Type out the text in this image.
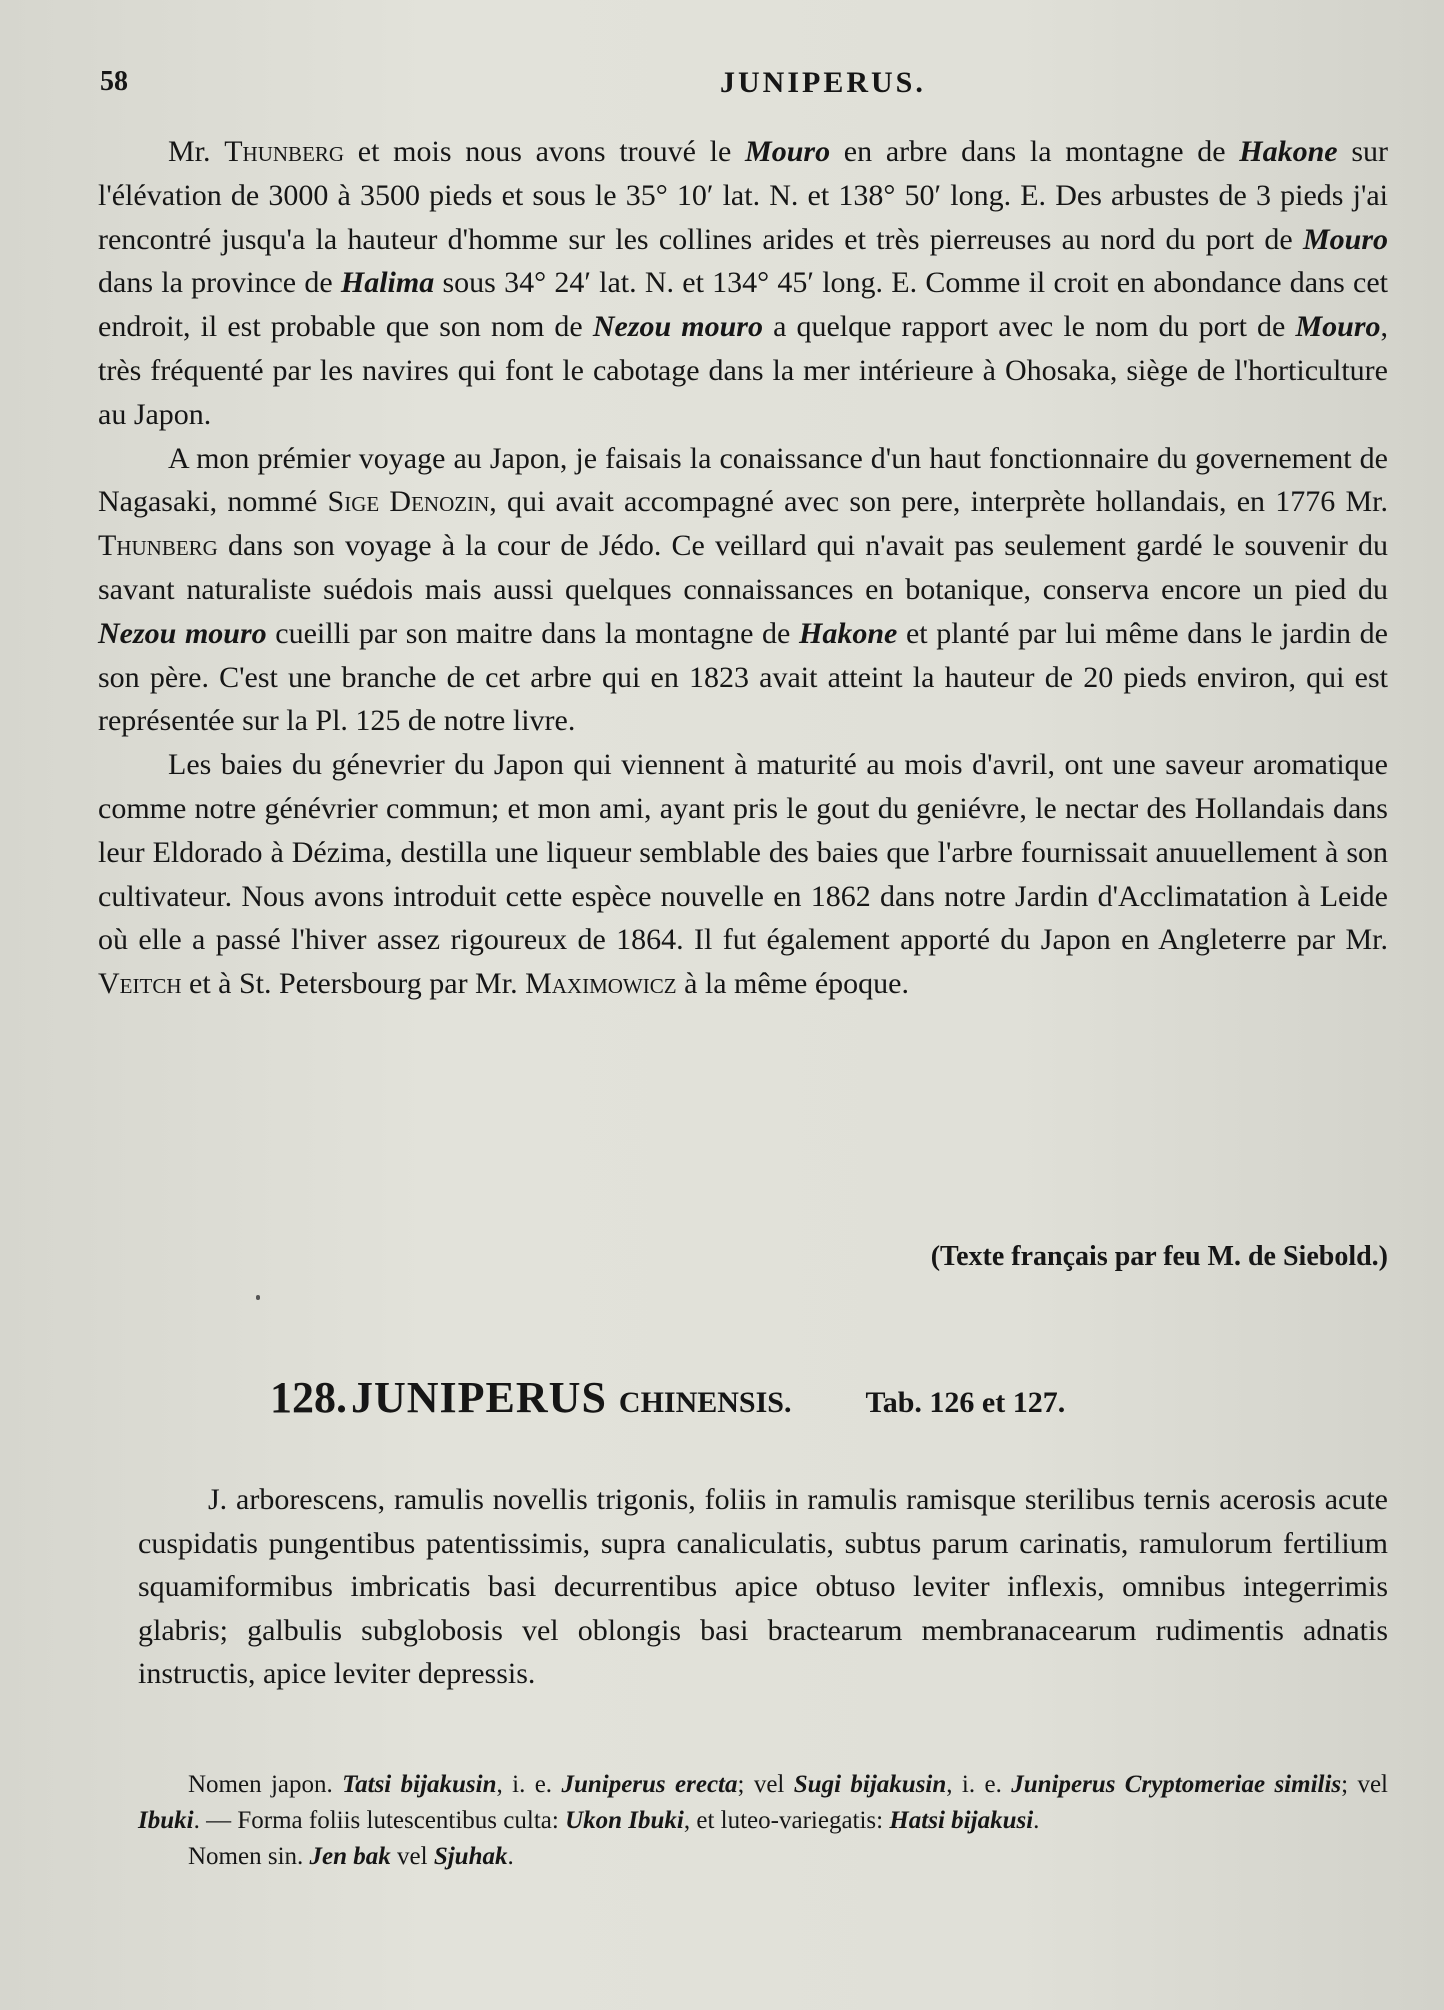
58	JUNIPERUS.

Mr. Thunberg et mois nous avons trouvé le Mouro en arbre dans la montagne de Hakone sur l'élévation de 3000 à 3500 pieds et sous le 35° 10′ lat. N. et 138° 50′ long. E. Des arbustes de 3 pieds j'ai rencontré jusqu'a la hauteur d'homme sur les collines arides et très pierreuses au nord du port de Mouro dans la province de Halima sous 34° 24′ lat. N. et 134° 45′ long. E. Comme il croit en abondance dans cet endroit, il est probable que son nom de Nezou mouro a quelque rapport avec le nom du port de Mouro, très fréquenté par les navires qui font le cabotage dans la mer intérieure à Ohosaka, siège de l'horticulture au Japon.

A mon prémier voyage au Japon, je faisais la conaissance d'un haut fonctionnaire du governement de Nagasaki, nommé Sige Denozin, qui avait accompagné avec son pere, interprète hollandais, en 1776 Mr. Thunberg dans son voyage à la cour de Jédo. Ce veillard qui n'avait pas seulement gardé le souvenir du savant naturaliste suédois mais aussi quelques connaissances en botanique, conserva encore un pied du Nezou mouro cueilli par son maitre dans la montagne de Hakone et planté par lui même dans le jardin de son père. C'est une branche de cet arbre qui en 1823 avait atteint la hauteur de 20 pieds environ, qui est représentée sur la Pl. 125 de notre livre.

Les baies du génevrier du Japon qui viennent à maturité au mois d'avril, ont une saveur aromatique comme notre génévrier commun; et mon ami, ayant pris le gout du geniévre, le nectar des Hollandais dans leur Eldorado à Dézima, destilla une liqueur semblable des baies que l'arbre fournissait anuuellement à son cultivateur. Nous avons introduit cette espèce nouvelle en 1862 dans notre Jardin d'Acclimatation à Leide où elle a passé l'hiver assez rigoureux de 1864. Il fut également apporté du Japon en Angleterre par Mr. Veitch et à St. Petersbourg par Mr. Maximowicz à la même époque.

(Texte français par feu M. de Siebold.)
128. JUNIPERUS CHINENSIS. Tab. 126 et 127.

J. arborescens, ramulis novellis trigonis, foliis in ramulis ramisque sterilibus ternis acerosis acute cuspidatis pungentibus patentissimis, supra canaliculatis, subtus parum carinatis, ramulorum fertilium squamiformibus imbricatis basi decurrentibus apice obtuso leviter inflexis, omnibus integerrimis glabris; galbulis subglobosis vel oblongis basi bractearum membranacearum rudimentis adnatis instructis, apice leviter depressis.

Nomen japon. Tatsi bijakusin, i. e. Juniperus erecta; vel Sugi bijakusin, i. e. Juniperus Cryptomeriae similis; vel Ibuki. — Forma foliis lutescentibus culta: Ukon Ibuki, et luteo-variegatis: Hatsi bijakusi.

Nomen sin. Jen bak vel Sjuhak.
